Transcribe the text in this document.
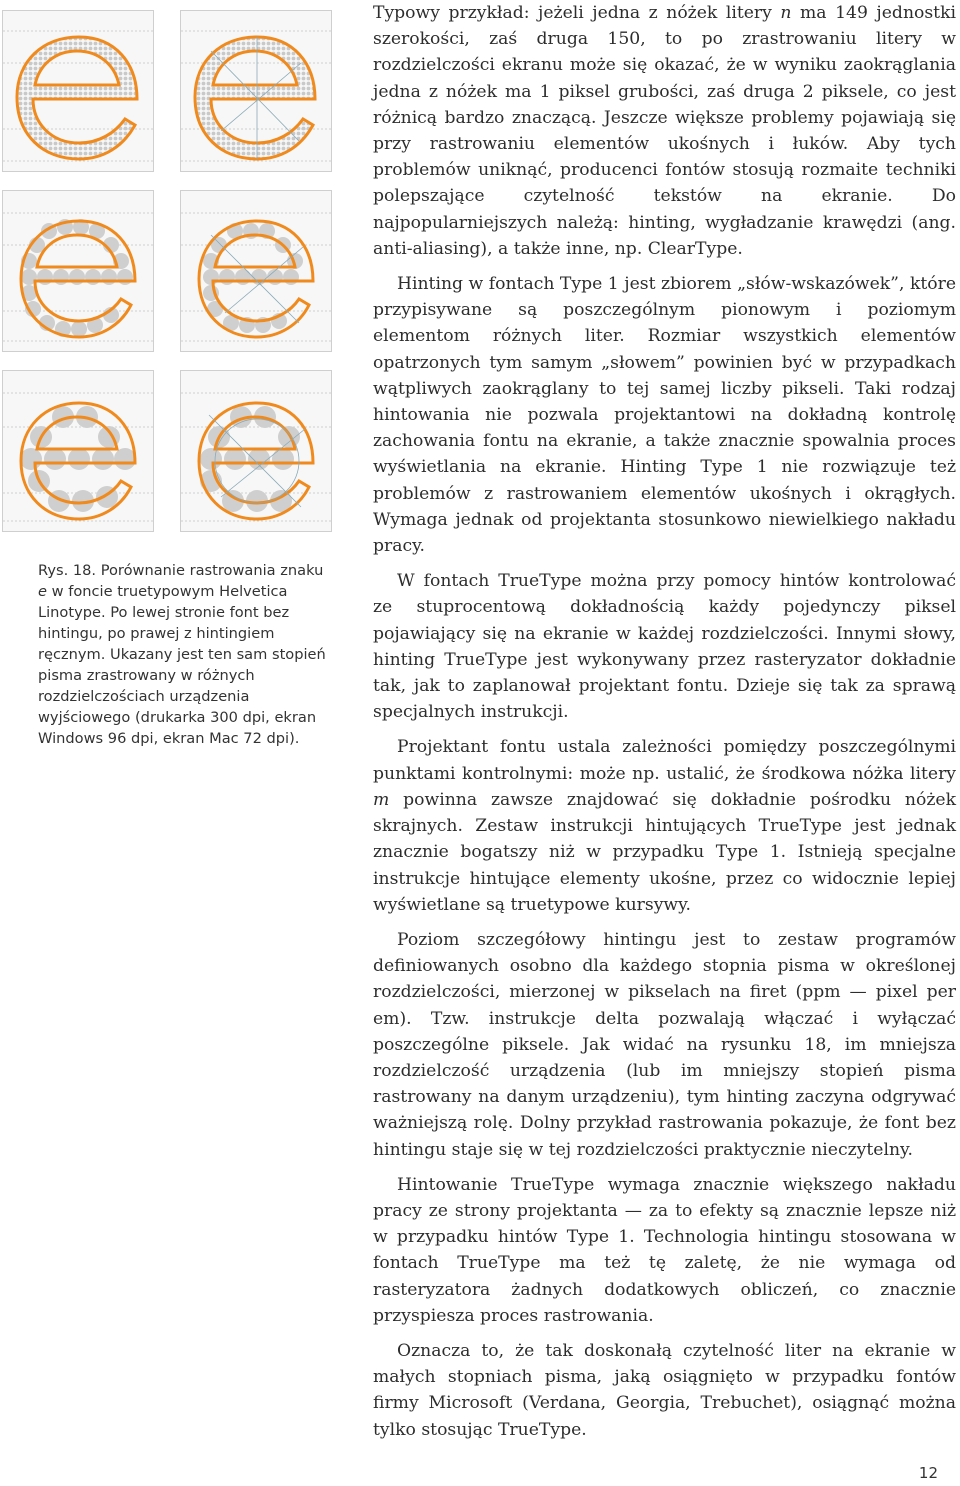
Rys. 18. Porównanie rastrowania znaku e w foncie truetypowym Helvetica Linotype. Po lewej stronie font bez hintingu, po prawej z hintingiem ręcznym. Ukazany jest ten sam stopień pisma zrastrowany w różnych rozdzielczościach urządzenia wyjściowego (drukarka 300 dpi, ekran Windows 96 dpi, ekran Mac 72 dpi).

Typowy przykład: jeżeli jedna z nóżek litery n ma 149 jednostki szerokości, zaś druga 150, to po zrastrowaniu litery w rozdzielczości ekranu może się okazać, że w wyniku zaokrąglania jedna z nóżek ma 1 piksel grubości, zaś druga 2 piksele, co jest różnicą bardzo znaczącą. Jeszcze większe problemy pojawiają się przy rastrowaniu elementów ukośnych i łuków. Aby tych problemów uniknąć, producenci fontów stosują rozmaite techniki polepszające czytelność tekstów na ekranie. Do najpopularniejszych należą: hinting, wygładzanie krawędzi (ang. anti-aliasing), a także inne, np. ClearType.

Hinting w fontach Type 1 jest zbiorem „słów-wskazówek”, które przypisywane są poszczególnym pionowym i poziomym elementom różnych liter. Rozmiar wszystkich elementów opatrzonych tym samym „słowem” powinien być w przypadkach wątpliwych zaokrąglany to tej samej liczby pikseli. Taki rodzaj hintowania nie pozwala projektantowi na dokładną kontrolę zachowania fontu na ekranie, a także znacznie spowalnia proces wyświetlania na ekranie. Hinting Type 1 nie rozwiązuje też problemów z rastrowaniem elementów ukośnych i okrągłych. Wymaga jednak od projektanta stosunkowo niewielkiego nakładu pracy.

W fontach TrueType można przy pomocy hintów kontrolować ze stuprocentową dokładnością każdy pojedynczy piksel pojawiający się na ekranie w każdej rozdzielczości. Innymi słowy, hinting TrueType jest wykonywany przez rasteryzator dokładnie tak, jak to zaplanował projektant fontu. Dzieje się tak za sprawą specjalnych instrukcji.

Projektant fontu ustala zależności pomiędzy poszczególnymi punktami kontrolnymi: może np. ustalić, że środkowa nóżka litery m powinna zawsze znajdować się dokładnie pośrodku nóżek skrajnych. Zestaw instrukcji hintujących TrueType jest jednak znacznie bogatszy niż w przypadku Type 1. Istnieją specjalne instrukcje hintujące elementy ukośne, przez co widocznie lepiej wyświetlane są truetypowe kursywy.

Poziom szczegółowy hintingu jest to zestaw programów definiowanych osobno dla każdego stopnia pisma w określonej rozdzielczości, mierzonej w pikselach na firet (ppm — pixel per em). Tzw. instrukcje delta pozwalają włączać i wyłączać poszczególne piksele. Jak widać na rysunku 18, im mniejsza rozdzielczość urządzenia (lub im mniejszy stopień pisma rastrowany na danym urządzeniu), tym hinting zaczyna odgrywać ważniejszą rolę. Dolny przykład rastrowania pokazuje, że font bez hintingu staje się w tej rozdzielczości praktycznie nieczytelny.

Hintowanie TrueType wymaga znacznie większego nakładu pracy ze strony projektanta — za to efekty są znacznie lepsze niż w przypadku hintów Type 1. Technologia hintingu stosowana w fontach TrueType ma też tę zaletę, że nie wymaga od rasteryzatora żadnych dodatkowych obliczeń, co znacznie przyspiesza proces rastrowania.

Oznacza to, że tak doskonałą czytelność liter na ekranie w małych stopniach pisma, jaką osiągnięto w przypadku fontów firmy Microsoft (Verdana, Georgia, Trebuchet), osiągnąć można tylko stosując TrueType.

12
